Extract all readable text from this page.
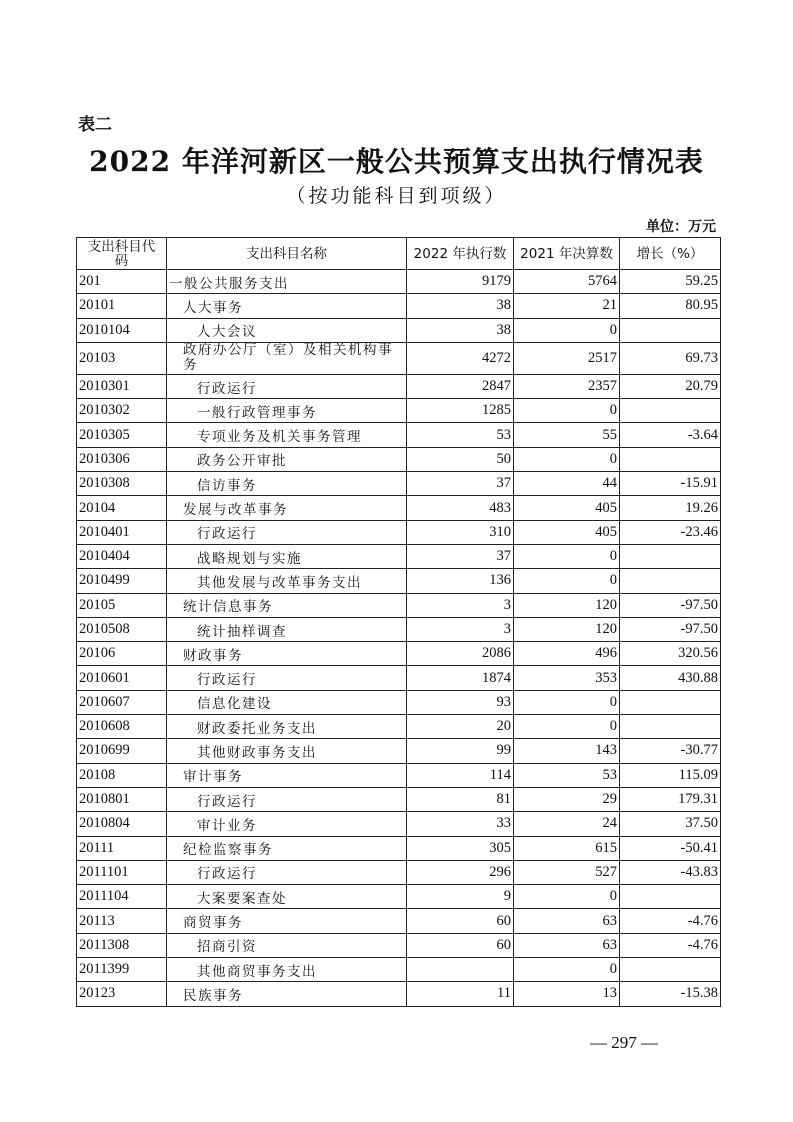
表二
2022 年洋河新区一般公共预算支出执行情况表
（按功能科目到项级）
单位：万元
支出科目代码	支出科目名称	2022 年执行数	2021 年决算数	增长（%）
201	一般公共服务支出	9179	5764	59.25
20101	人大事务	38	21	80.95
2010104	人大会议	38	0	
20103	政府办公厅（室）及相关机构事务	4272	2517	69.73
2010301	行政运行	2847	2357	20.79
2010302	一般行政管理事务	1285	0	
2010305	专项业务及机关事务管理	53	55	-3.64
2010306	政务公开审批	50	0	
2010308	信访事务	37	44	-15.91
20104	发展与改革事务	483	405	19.26
2010401	行政运行	310	405	-23.46
2010404	战略规划与实施	37	0	
2010499	其他发展与改革事务支出	136	0	
20105	统计信息事务	3	120	-97.50
2010508	统计抽样调查	3	120	-97.50
20106	财政事务	2086	496	320.56
2010601	行政运行	1874	353	430.88
2010607	信息化建设	93	0	
2010608	财政委托业务支出	20	0	
2010699	其他财政事务支出	99	143	-30.77
20108	审计事务	114	53	115.09
2010801	行政运行	81	29	179.31
2010804	审计业务	33	24	37.50
20111	纪检监察事务	305	615	-50.41
2011101	行政运行	296	527	-43.83
2011104	大案要案查处	9	0	
20113	商贸事务	60	63	-4.76
2011308	招商引资	60	63	-4.76
2011399	其他商贸事务支出		0	
20123	民族事务	11	13	-15.38
— 297 —
